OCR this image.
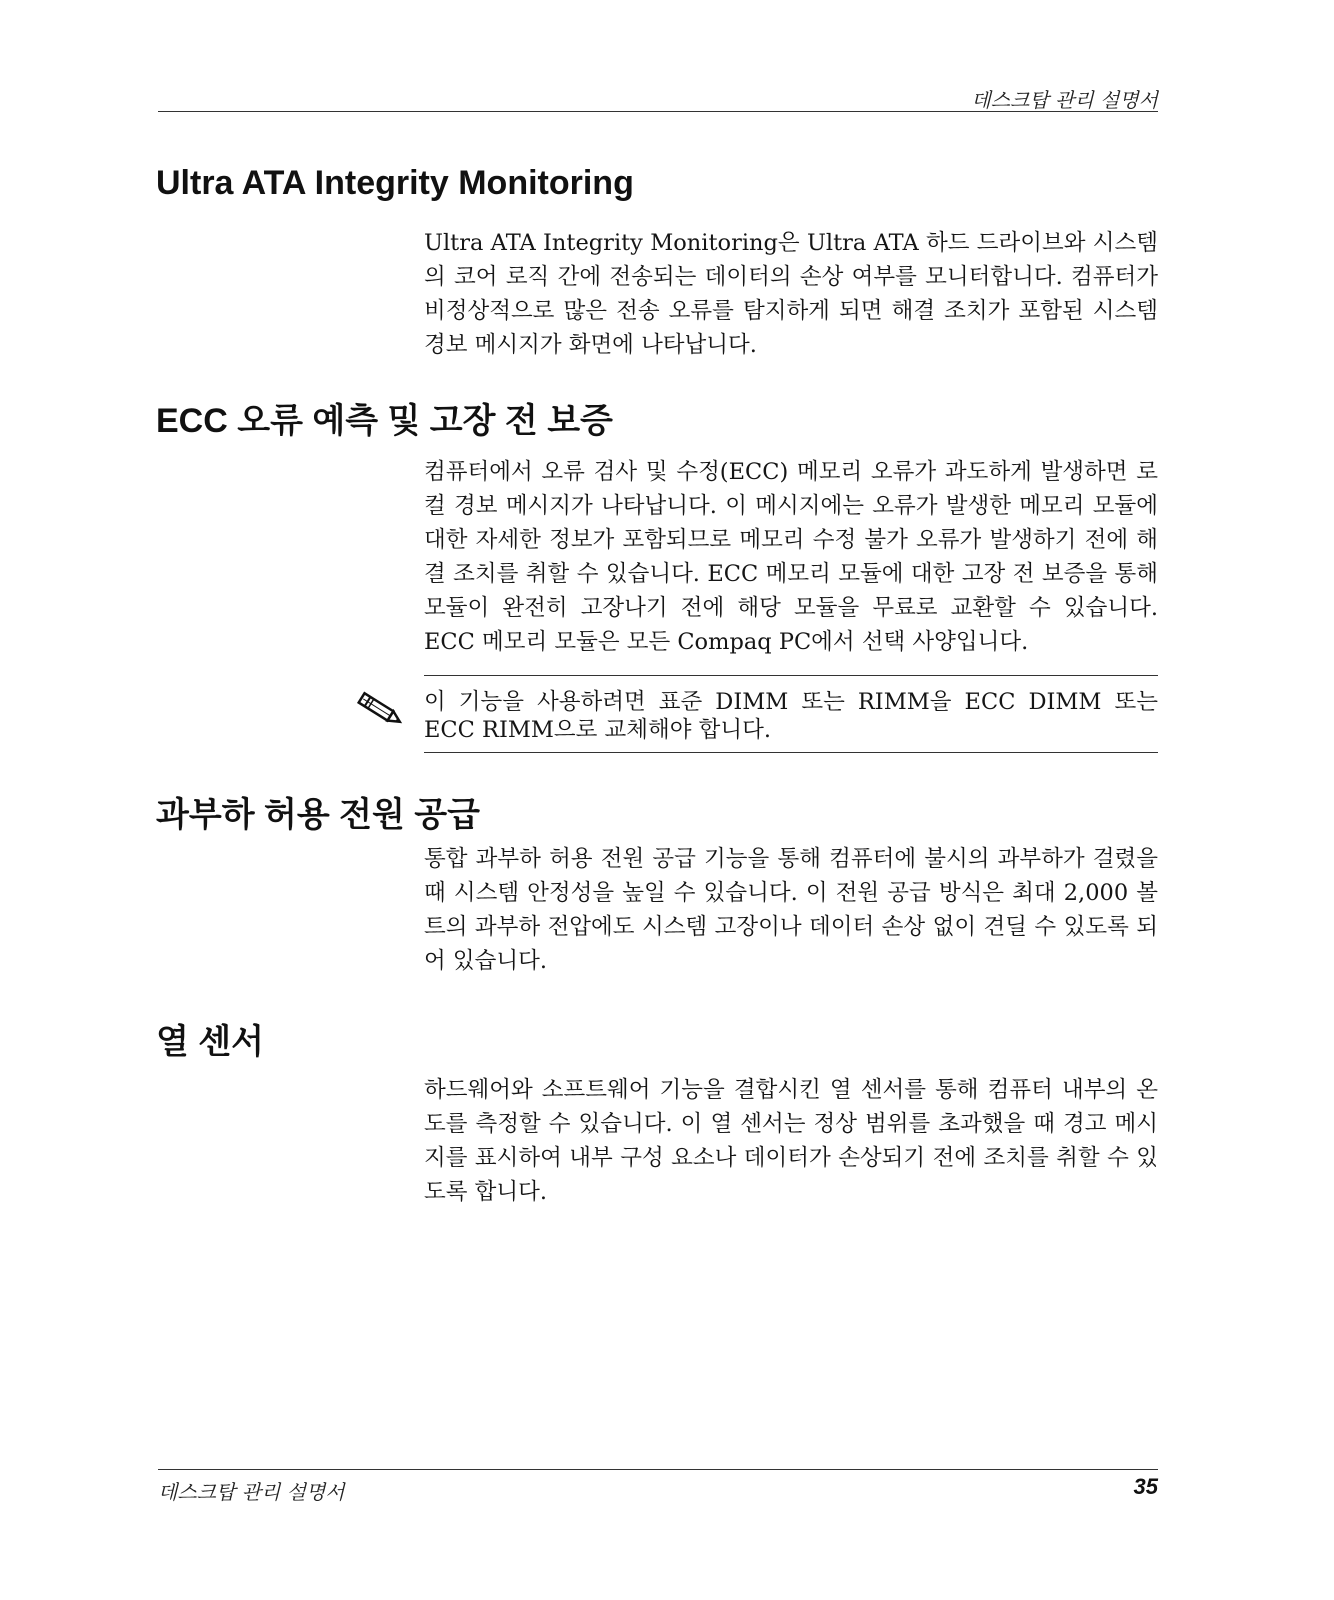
데스크탑 관리 설명서
Ultra ATA Integrity Monitoring

Ultra ATA Integrity Monitoring은 Ultra ATA 하드 드라이브와 시스템의 코어 로직 간에 전송되는 데이터의 손상 여부를 모니터합니다. 컴퓨터가 비정상적으로 많은 전송 오류를 탐지하게 되면 해결 조치가 포함된 시스템 경보 메시지가 화면에 나타납니다.

ECC 오류 예측 및 고장 전 보증

컴퓨터에서 오류 검사 및 수정(ECC) 메모리 오류가 과도하게 발생하면 로컬 경보 메시지가 나타납니다. 이 메시지에는 오류가 발생한 메모리 모듈에 대한 자세한 정보가 포함되므로 메모리 수정 불가 오류가 발생하기 전에 해결 조치를 취할 수 있습니다. ECC 메모리 모듈에 대한 고장 전 보증을 통해 모듈이 완전히 고장나기 전에 해당 모듈을 무료로 교환할 수 있습니다. ECC 메모리 모듈은 모든 Compaq PC에서 선택 사양입니다.

이 기능을 사용하려면 표준 DIMM 또는 RIMM을 ECC DIMM 또는 ECC RIMM으로 교체해야 합니다.

과부하 허용 전원 공급

통합 과부하 허용 전원 공급 기능을 통해 컴퓨터에 불시의 과부하가 걸렸을 때 시스템 안정성을 높일 수 있습니다. 이 전원 공급 방식은 최대 2,000 볼트의 과부하 전압에도 시스템 고장이나 데이터 손상 없이 견딜 수 있도록 되어 있습니다.

열 센서

하드웨어와 소프트웨어 기능을 결합시킨 열 센서를 통해 컴퓨터 내부의 온도를 측정할 수 있습니다. 이 열 센서는 정상 범위를 초과했을 때 경고 메시지를 표시하여 내부 구성 요소나 데이터가 손상되기 전에 조치를 취할 수 있도록 합니다.

데스크탑 관리 설명서	35
